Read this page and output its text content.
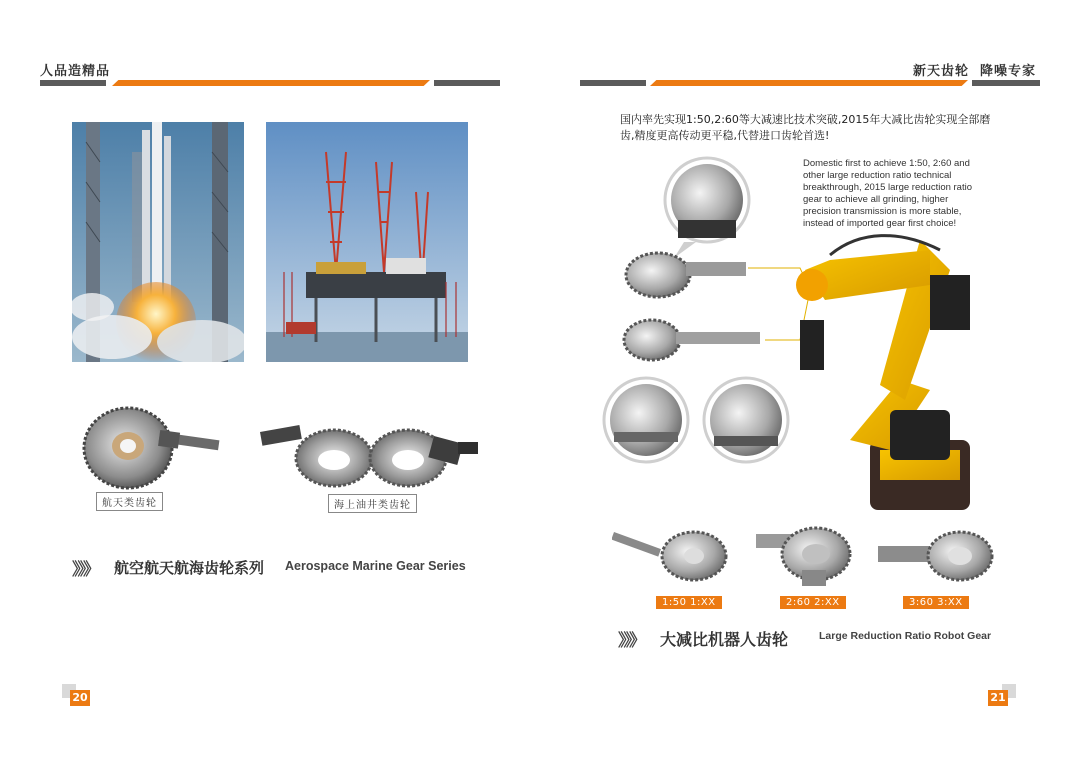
人品造精品
航天类齿轮	海上油井类齿轮
》》》 航空航天航海齿轮系列 Aerospace Marine Gear Series
20
新天齿轮  降噪专家
国内率先实现1:50,2:60等大减速比技术突破,2015年大减比齿轮实现全部磨
齿,精度更高传动更平稳,代替进口齿轮首选!
Domestic first to achieve 1:50, 2:60 and
other large reduction ratio technical
breakthrough, 2015 large reduction ratio
gear to achieve all grinding, higher
precision transmission is more stable,
instead of imported gear first choice!
1:50 1:XX	2:60 2:XX	3:60 3:XX
》》》 大减比机器人齿轮	Large Reduction Ratio Robot Gear
21
